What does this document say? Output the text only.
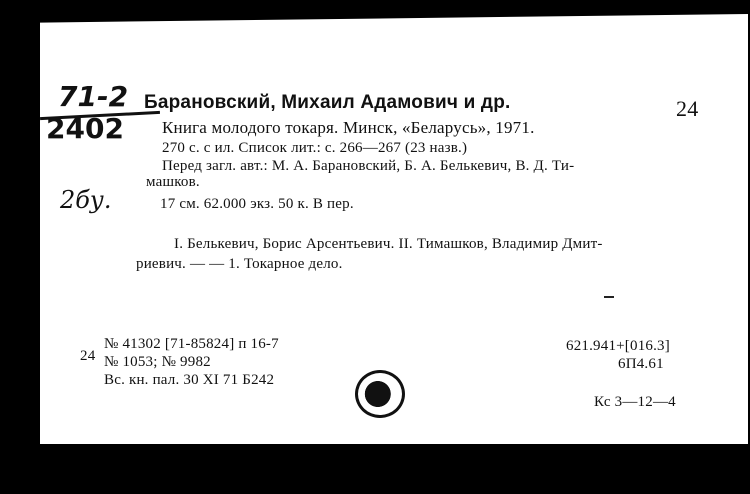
71-2
2402
2бу.
Барановский, Михаил Адамович и др.	24
Книга молодого токаря. Минск, «Беларусь», 1971.
270 с. с ил. Список лит.: с. 266—267 (23 назв.)
Перед загл. авт.: М. А. Барановский, Б. А. Белькевич, В. Д. Ти-
машков.
17 см. 62.000 экз. 50 к. В пер.
I. Белькевич, Борис Арсентьевич. II. Тимашков, Владимир Дмит-
риевич. — — 1. Токарное дело.
№ 41302 [71-85824] п 16-7
24 № 1053; № 9982
Вс. кн. пал. 30 XI 71 Б242
621.941+[016.3]
6П4.61
Кс 3—12—4
